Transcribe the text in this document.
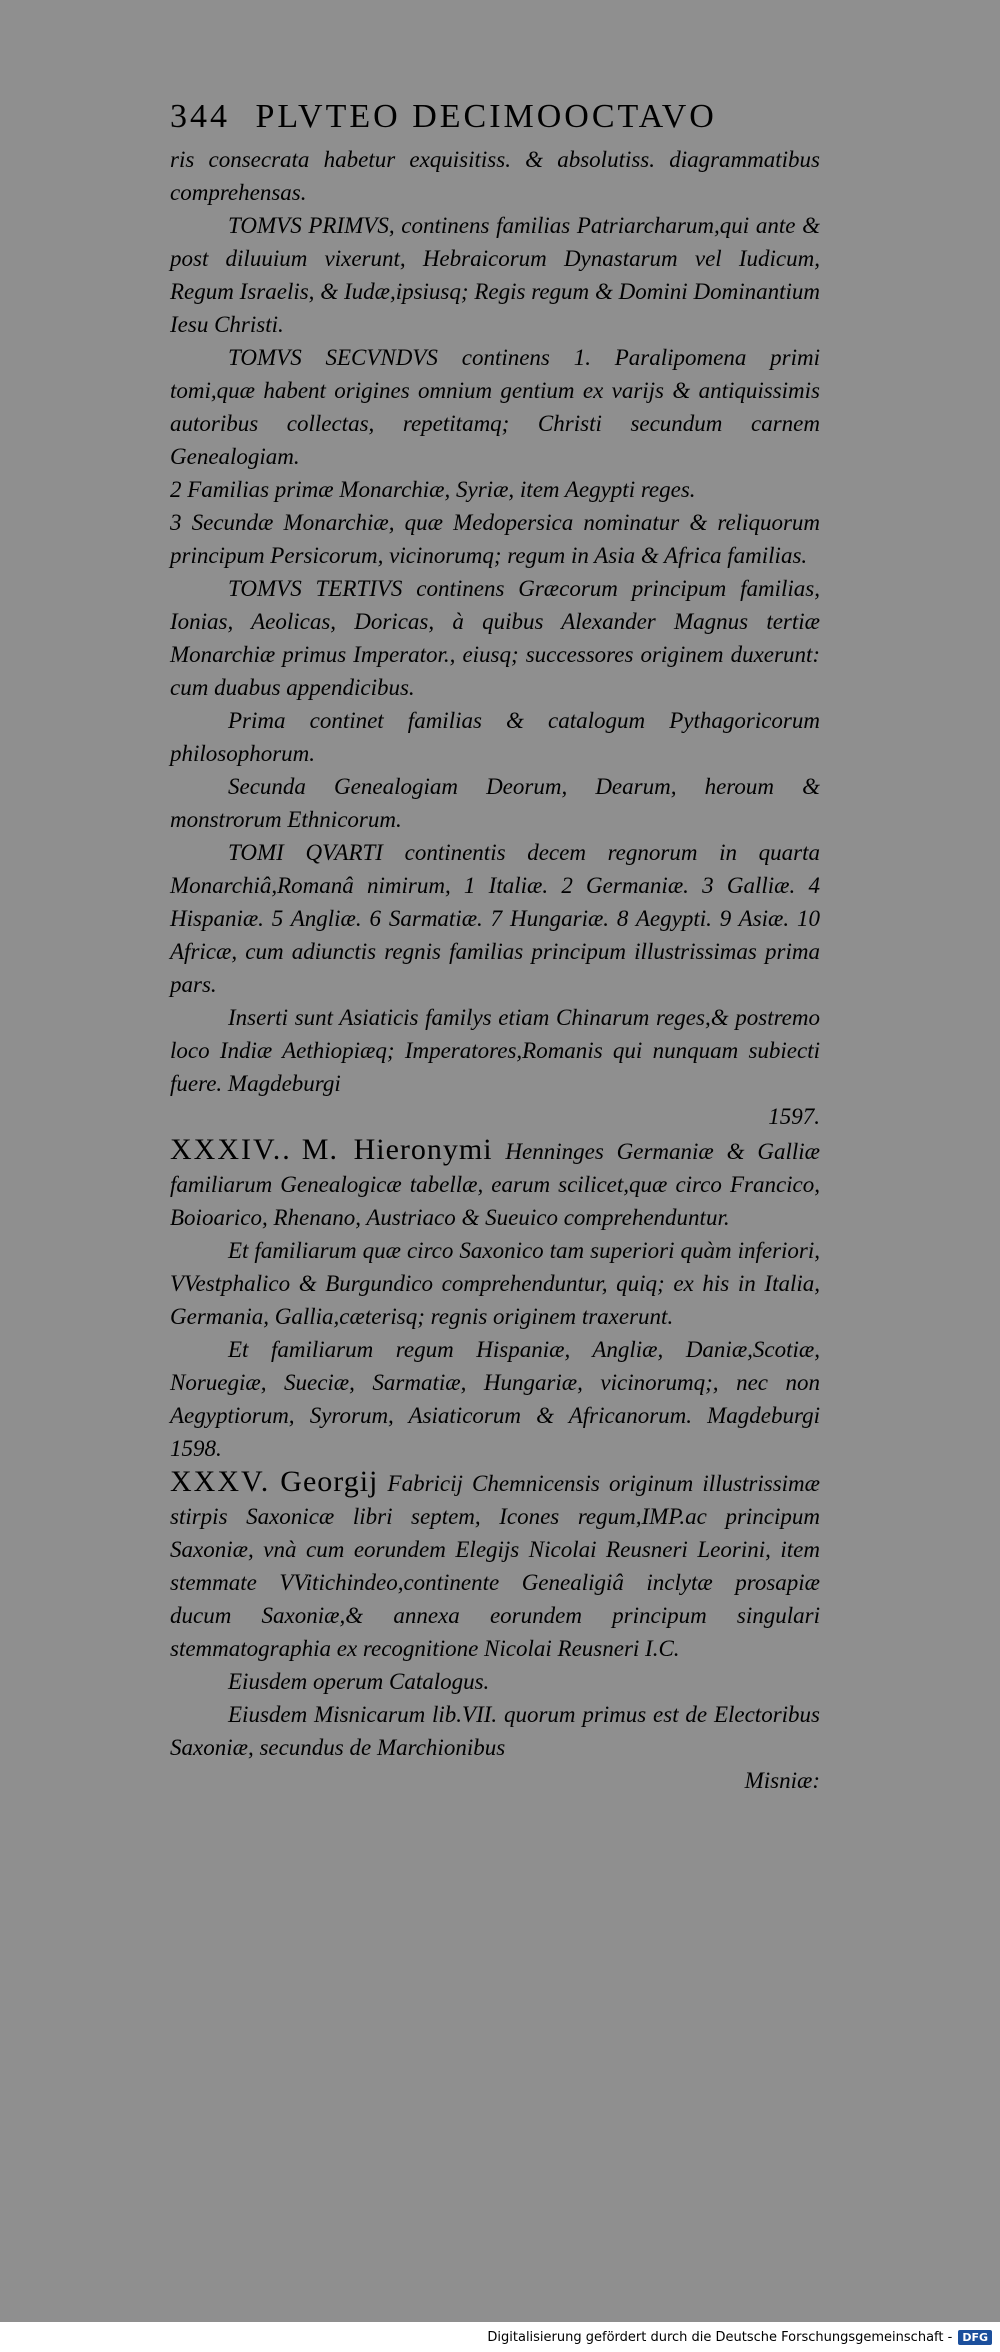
344 PLVTEO DECIMOOCTAVO

ris consecrata habetur exquisitiss. & absolutiss. diagrammatibus comprehensas.

TOMVS PRIMVS, continens familias Patriarcharum,qui ante & post diluuium vixerunt, Hebraicorum Dynastarum vel Iudicum, Regum Israelis, & Iudæ,ipsiusq; Regis regum & Domini Dominantium Iesu Christi.

TOMVS SECVNDVS continens 1. Paralipomena primi tomi,quæ habent origines omnium gentium ex varijs & antiquissimis autoribus collectas, repetitamq; Christi secundum carnem Genealogiam.

2 Familias primæ Monarchiæ, Syriæ, item Aegypti reges.

3 Secundæ Monarchiæ, quæ Medopersica nominatur & reliquorum principum Persicorum, vicinorumq; regum in Asia & Africa familias.

TOMVS TERTIVS continens Græcorum principum familias, Ionias, Aeolicas, Doricas, à quibus Alexander Magnus tertiæ Monarchiæ primus Imperator., eiusq; successores originem duxerunt: cum duabus appendicibus.

Prima continet familias & catalogum Pythagoricorum philosophorum.

Secunda Genealogiam Deorum, Dearum, heroum & monstrorum Ethnicorum.

TOMI QVARTI continentis decem regnorum in quarta Monarchiâ,Romanâ nimirum, 1 Italiæ. 2 Germaniæ. 3 Galliæ. 4 Hispaniæ. 5 Angliæ. 6 Sarmatiæ. 7 Hungariæ. 8 Aegypti. 9 Asiæ. 10 Africæ, cum adiunctis regnis familias principum illustrissimas prima pars.

Inserti sunt Asiaticis familys etiam Chinarum reges,& postremo loco Indiæ Aethiopiæq; Imperatores,Romanis qui nunquam subiecti fuere. Magdeburgi

1597.

XXXIV.. M. Hieronymi Henninges Germaniæ & Galliæ familiarum Genealogicæ tabellæ, earum scilicet,quæ circo Francico, Boioarico, Rhenano, Austriaco & Sueuico comprehenduntur.

Et familiarum quæ circo Saxonico tam superiori quàm inferiori, VVestphalico & Burgundico comprehenduntur, quiq; ex his in Italia, Germania, Gallia,cæterisq; regnis originem traxerunt.

Et familiarum regum Hispaniæ, Angliæ, Daniæ,Scotiæ, Noruegiæ, Sueciæ, Sarmatiæ, Hungariæ, vicinorumq;, nec non Aegyptiorum, Syrorum, Asiaticorum & Africanorum. Magdeburgi 1598.

XXXV. Georgij Fabricij Chemnicensis originum illustrissimæ stirpis Saxonicæ libri septem, Icones regum,IMP.ac principum Saxoniæ, vnà cum eorundem Elegijs Nicolai Reusneri Leorini, item stemmate VVitichindeo,continente Genealigiâ inclytæ prosapiæ ducum Saxoniæ,& annexa eorundem principum singulari stemmatographia ex recognitione Nicolai Reusneri I.C.

Eiusdem operum Catalogus.

Eiusdem Misnicarum lib.VII. quorum primus est de Electoribus Saxoniæ, secundus de Marchionibus

Misniæ:

Digitalisierung gefördert durch die Deutsche Forschungsgemeinschaft - DFG
